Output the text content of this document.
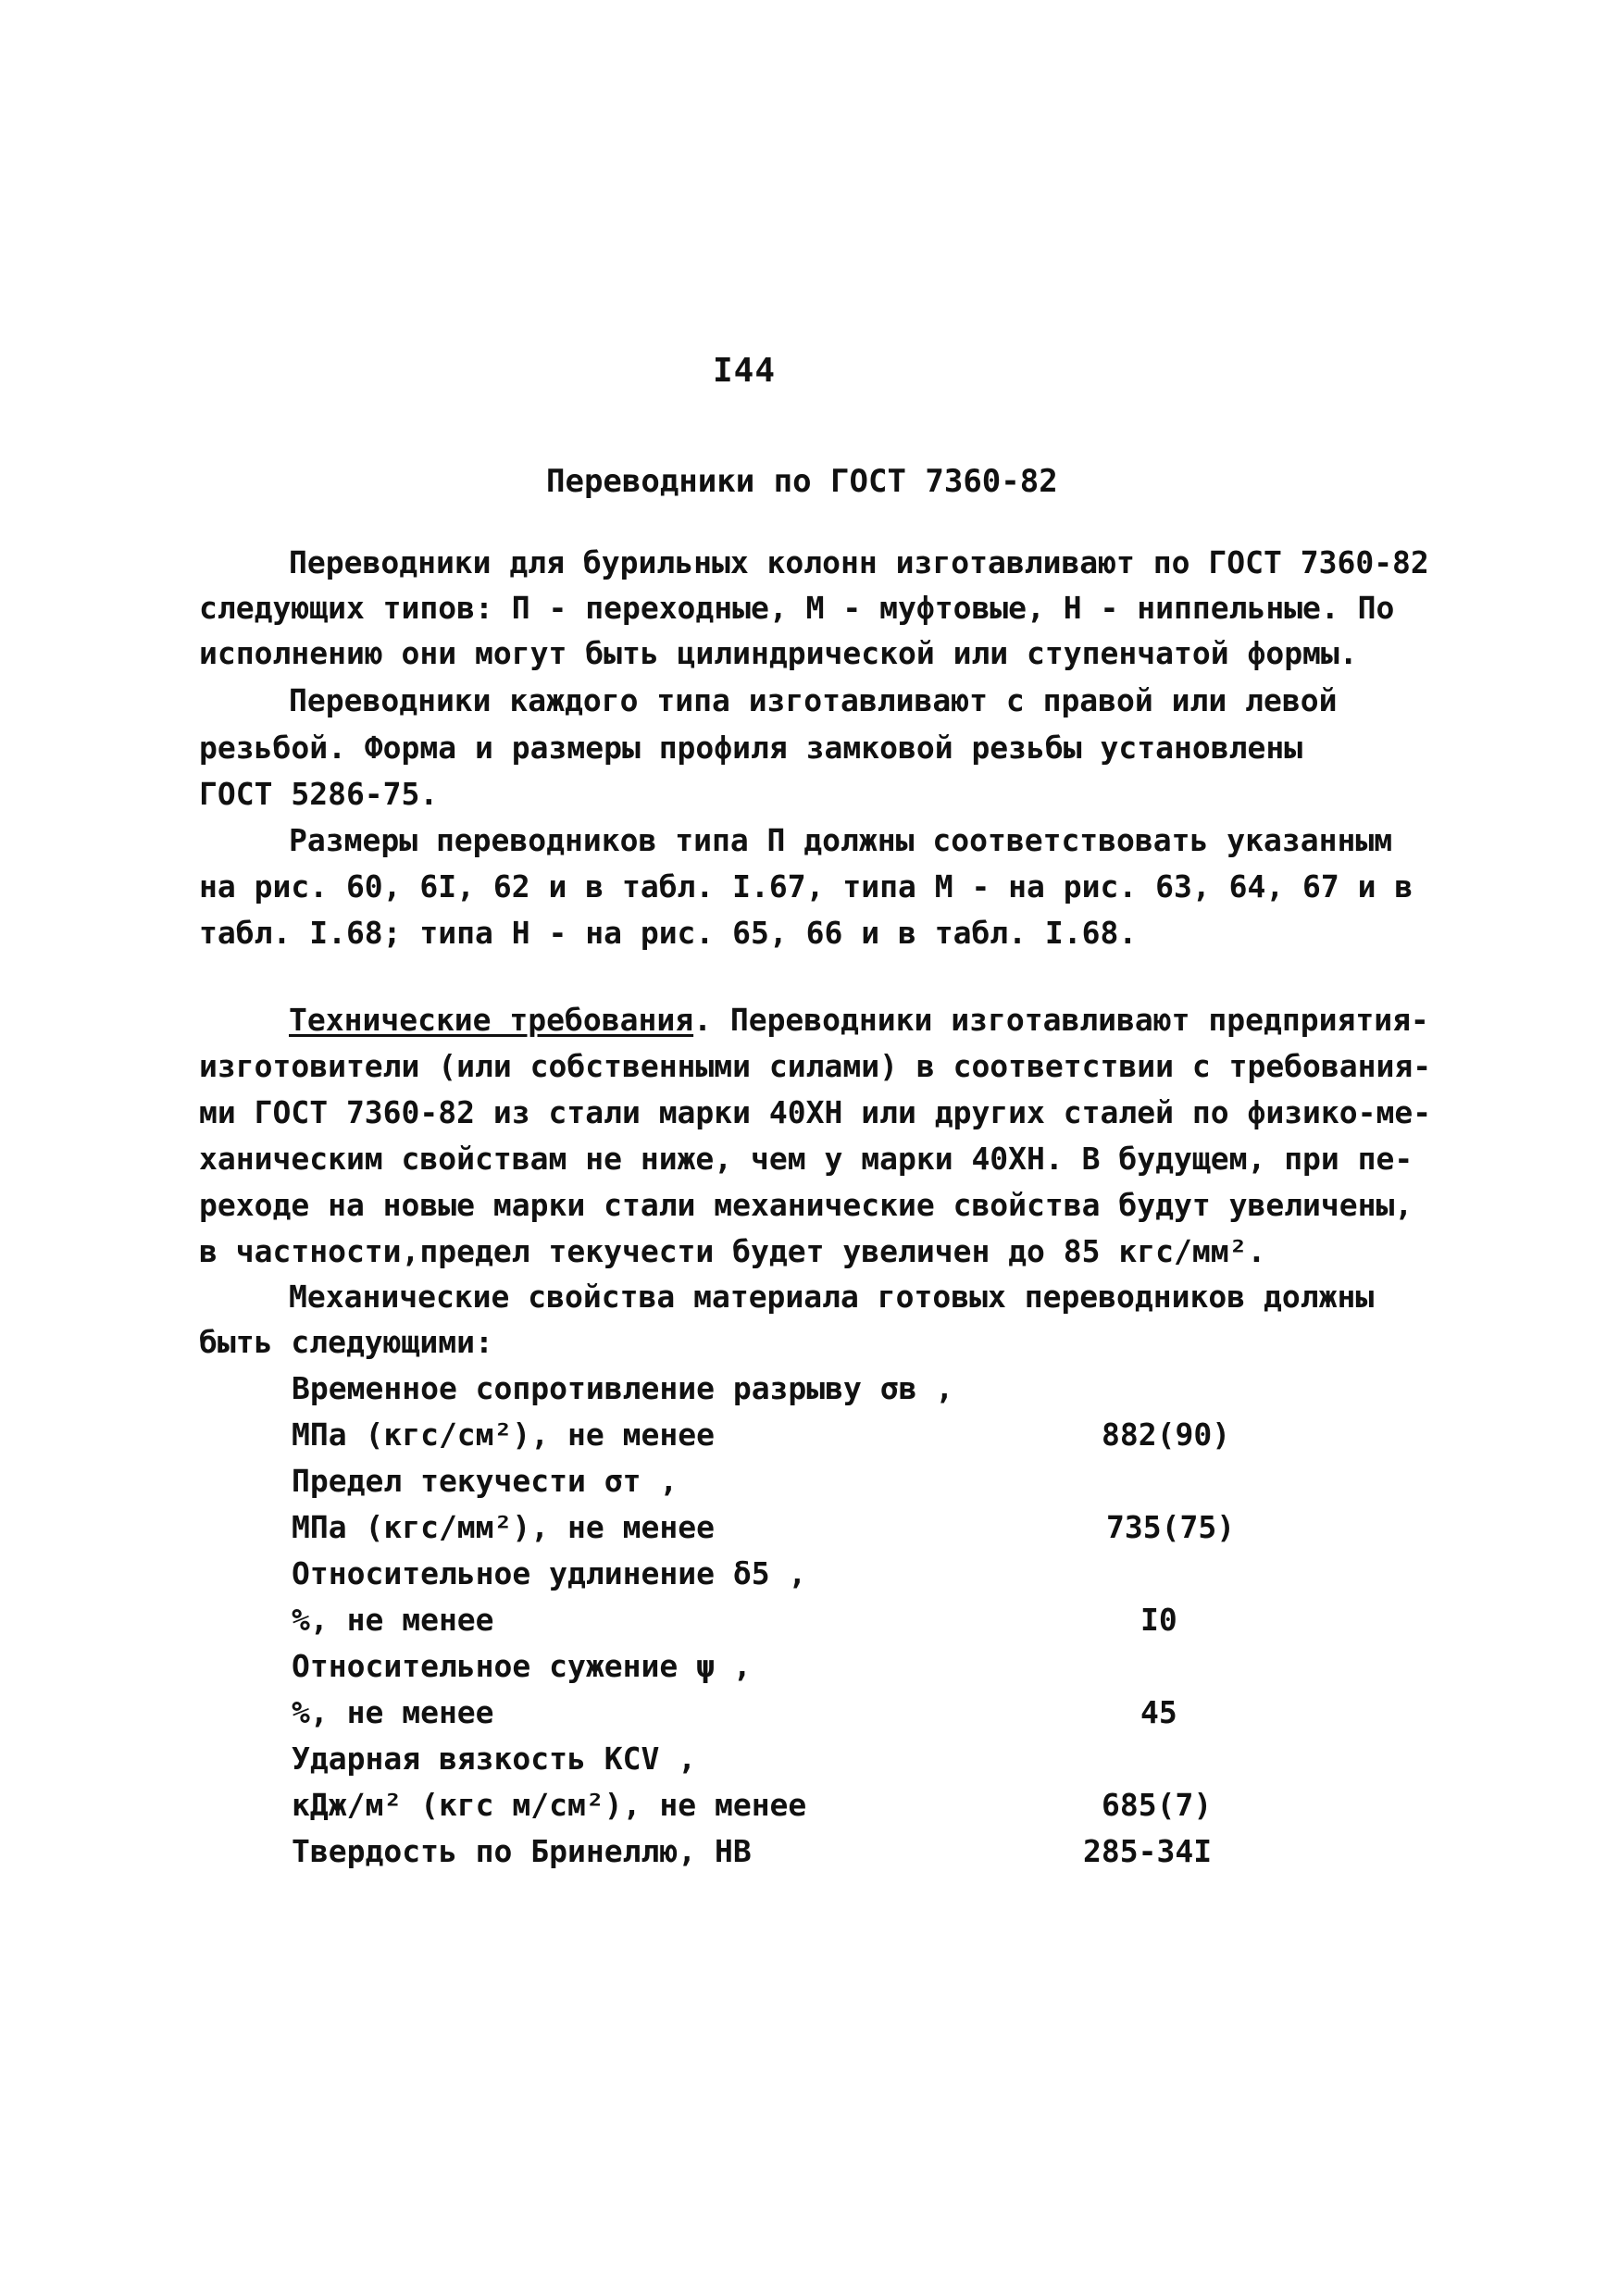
I44
Переводники по ГОСТ 7360-82
Переводники для бурильных колонн изготавливают по ГОСТ 7360-82
следующих типов: П - переходные, М - муфтовые, Н - ниппельные. По
исполнению они могут быть цилиндрической или ступенчатой формы.
Переводники каждого типа изготавливают с правой или левой
резьбой. Форма и размеры профиля замковой резьбы установлены
ГОСТ 5286-75.
Размеры переводников типа П должны соответствовать указанным
на рис. 60, 6I, 62 и в табл. I.67, типа М - на рис. 63, 64, 67 и в
табл. I.68; типа Н - на рис. 65, 66 и в табл. I.68.
Технические требования. Переводники изготавливают предприятия-
изготовители (или собственными силами) в соответствии с требования-
ми ГОСТ 7360-82 из стали марки 40ХН или других сталей по физико-ме-
ханическим свойствам не ниже, чем у марки 40ХН. В будущем, при пе-
реходе на новые марки стали механические свойства будут увеличены,
в частности,предел текучести будет увеличен до 85 кгс/мм².
Механические свойства материала готовых переводников должны
быть следующими:
Временное сопротивление разрыву σв ,
МПа (кгс/см²), не менее	882(90)
Предел текучести σт ,
МПа (кгс/мм²), не менее	735(75)
Относительное удлинение δ5 ,
%, не менее	I0
Относительное сужение ψ ,
%, не менее	45
Ударная вязкость КСV ,
кДж/м² (кгс м/см²), не менее	685(7)
Твердость по Бринеллю, НВ	285-34I
